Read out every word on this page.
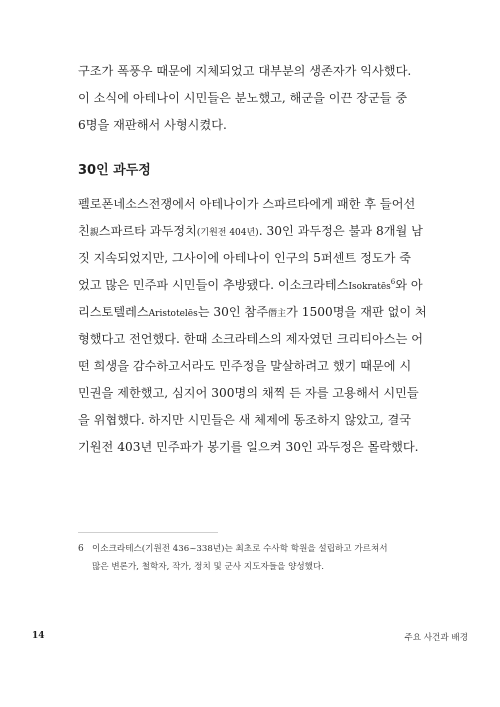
구조가 폭풍우 때문에 지체되었고 대부분의 생존자가 익사했다.
이 소식에 아테나이 시민들은 분노했고, 해군을 이끈 장군들 중
6명을 재판해서 사형시켰다.
30인 과두정
펠로폰네소스전쟁에서 아테나이가 스파르타에게 패한 후 들어선
친親스파르타 과두정치(기원전 404년). 30인 과두정은 불과 8개월 남
짓 지속되었지만, 그사이에 아테나이 인구의 5퍼센트 정도가 죽
었고 많은 민주파 시민들이 추방됐다. 이소크라테스Isokratēs$^6$와 아
리스토텔레스Aristotelēs는 30인 참주僭主가 1500명을 재판 없이 처
형했다고 전언했다. 한때 소크라테스의 제자였던 크리티아스는 어
떤 희생을 감수하고서라도 민주정을 말살하려고 했기 때문에 시
민권을 제한했고, 심지어 300명의 채찍 든 자를 고용해서 시민들
을 위협했다. 하지만 시민들은 새 체제에 동조하지 않았고, 결국
기원전 403년 민주파가 봉기를 일으켜 30인 과두정은 몰락했다.
6 이소크라테스(기원전 436~338년)는 최초로 수사학 학원을 설립하고 가르쳐서
많은 변론가, 철학자, 작가, 정치 및 군사 지도자들을 양성했다.
14	주요 사건과 배경
